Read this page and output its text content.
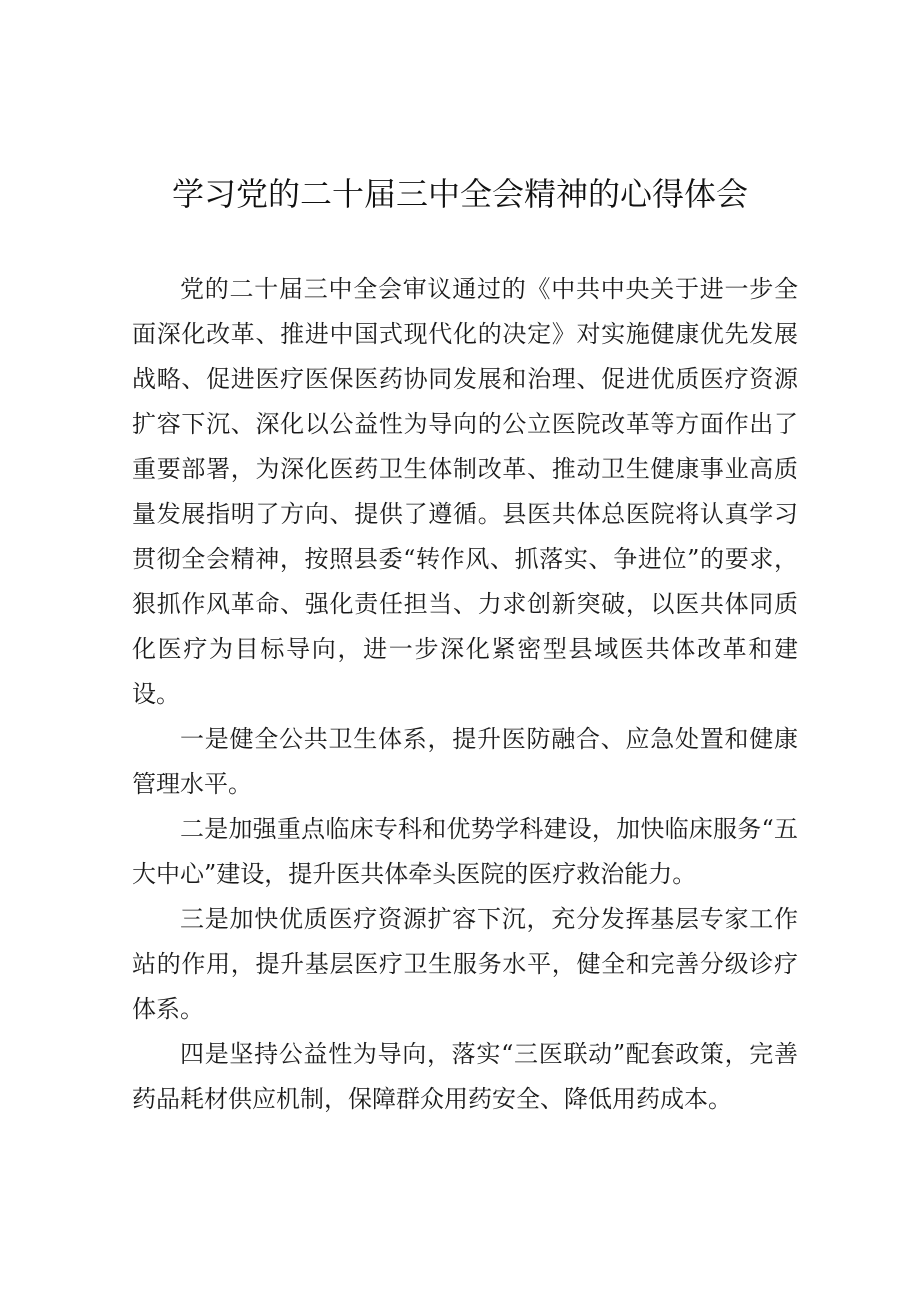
学习党的二十届三中全会精神的心得体会

党的二十届三中全会审议通过的《中共中央关于进一步全面深化改革、推进中国式现代化的决定》对实施健康优先发展战略、促进医疗医保医药协同发展和治理、促进优质医疗资源扩容下沉、深化以公益性为导向的公立医院改革等方面作出了重要部署，为深化医药卫生体制改革、推动卫生健康事业高质量发展指明了方向、提供了遵循。县医共体总医院将认真学习贯彻全会精神，按照县委“转作风、抓落实、争进位”的要求，狠抓作风革命、强化责任担当、力求创新突破，以医共体同质化医疗为目标导向，进一步深化紧密型县域医共体改革和建设。

一是健全公共卫生体系，提升医防融合、应急处置和健康管理水平。

二是加强重点临床专科和优势学科建设，加快临床服务“五大中心”建设，提升医共体牵头医院的医疗救治能力。

三是加快优质医疗资源扩容下沉，充分发挥基层专家工作站的作用，提升基层医疗卫生服务水平，健全和完善分级诊疗体系。

四是坚持公益性为导向，落实“三医联动”配套政策，完善药品耗材供应机制，保障群众用药安全、降低用药成本。
